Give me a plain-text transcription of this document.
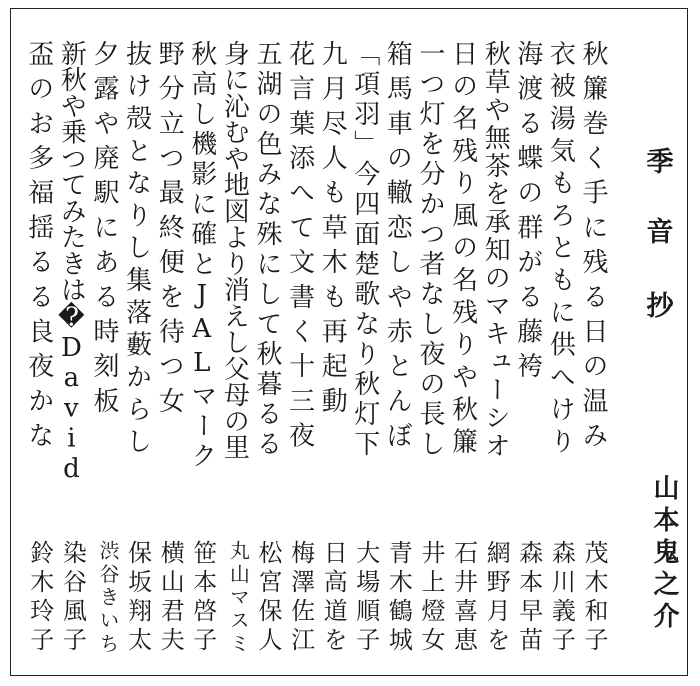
季
音
抄
山本鬼之介
秋簾巻く手に残る日の温み
衣被湯気もろともに供へけり
海渡る蝶の群がる藤袴
秋草や無茶を承知のマキューシオ
日の名残り風の名残りや秋簾
一つ灯を分かつ者なし夜の長し
箱馬車の轍恋しや赤とんぼ
「項羽」今四面楚歌なり秋灯下
九月尽人も草木も再起動
花言葉添へて文書く十三夜
五湖の色みな殊にして秋暮るる
身に沁むや地図より消えし父母の里
秋高し機影に確とJALマーク
野分立つ最終便を待つ女
抜け殻となりし集落藪からし
夕露や廃駅にある時刻板
新秋や乗つてみたきは�David
盃のお多福揺るる良夜かな
茂木和子
森川義子
森本早苗
網野月を
石井喜恵
井上燈女
青木鶴城
大場順子
日高道を
梅澤佐江
松宮保人
丸山マスミ
笹本啓子
横山君夫
保坂翔太
渋谷きいち
染谷風子
鈴木玲子
